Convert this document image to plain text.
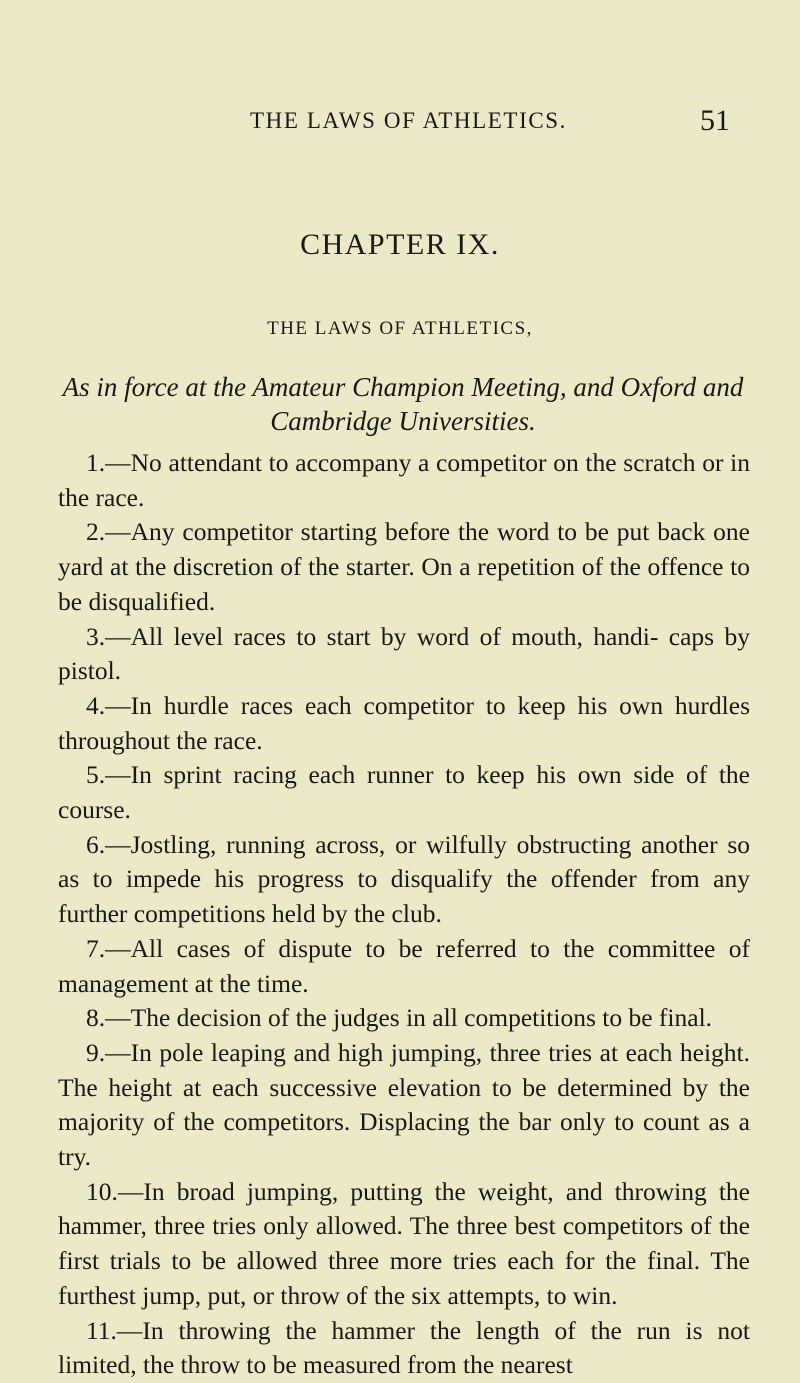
THE LAWS OF ATHLETICS.	51
CHAPTER IX.
THE LAWS OF ATHLETICS,
As in force at the Amateur Champion Meeting, and Oxford and Cambridge Universities.
1.—No attendant to accompany a competitor on the scratch or in the race.
2.—Any competitor starting before the word to be put back one yard at the discretion of the starter. On a repetition of the offence to be disqualified.
3.—All level races to start by word of mouth, handi- caps by pistol.
4.—In hurdle races each competitor to keep his own hurdles throughout the race.
5.—In sprint racing each runner to keep his own side of the course.
6.—Jostling, running across, or wilfully obstructing another so as to impede his progress to disqualify the offender from any further competitions held by the club.
7.—All cases of dispute to be referred to the committee of management at the time.
8.—The decision of the judges in all competitions to be final.
9.—In pole leaping and high jumping, three tries at each height. The height at each successive elevation to be determined by the majority of the competitors. Displacing the bar only to count as a try.
10.—In broad jumping, putting the weight, and throwing the hammer, three tries only allowed. The three best competitors of the first trials to be allowed three more tries each for the final. The furthest jump, put, or throw of the six attempts, to win.
11.—In throwing the hammer the length of the run is not limited, the throw to be measured from the nearest
